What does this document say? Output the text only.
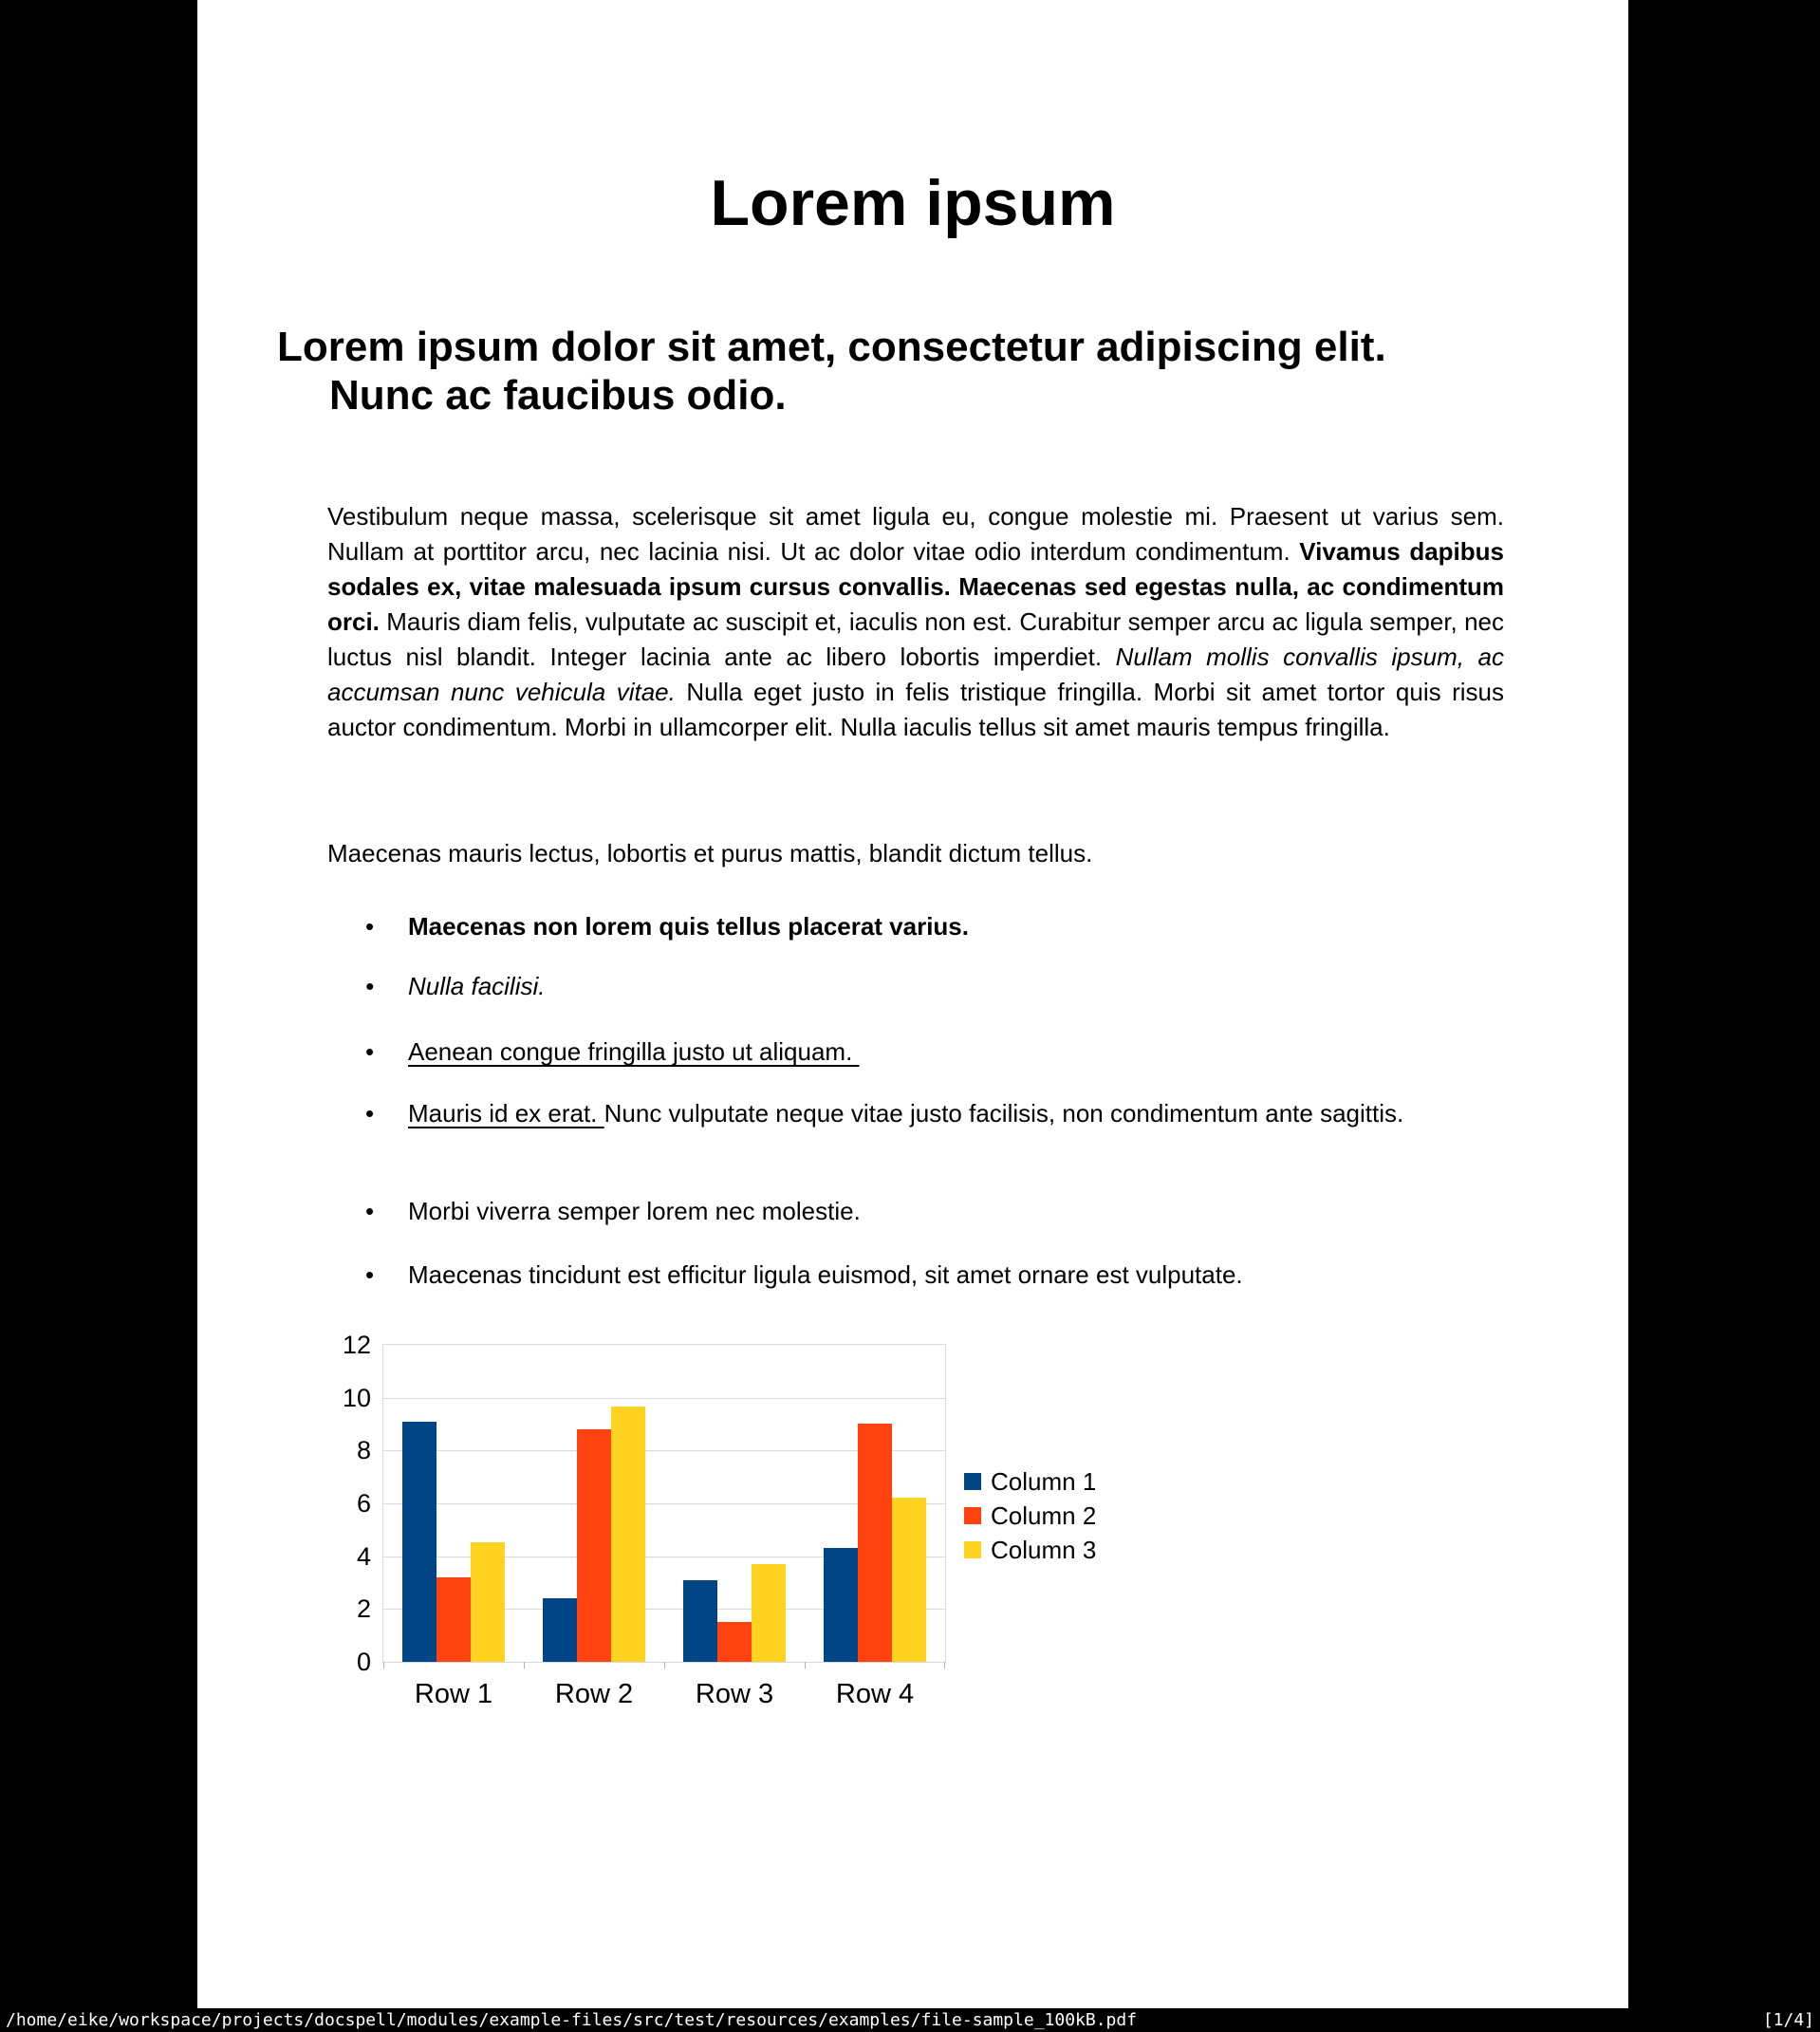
Lorem ipsum
Lorem ipsum dolor sit amet, consectetur adipiscing elit.
Nunc ac faucibus odio.

Vestibulum neque massa, scelerisque sit amet ligula eu, congue molestie mi. Praesent ut varius sem. Nullam at porttitor arcu, nec lacinia nisi. Ut ac dolor vitae odio interdum condimentum. Vivamus dapibus sodales ex, vitae malesuada ipsum cursus convallis. Maecenas sed egestas nulla, ac condimentum orci. Mauris diam felis, vulputate ac suscipit et, iaculis non est. Curabitur semper arcu ac ligula semper, nec luctus nisl blandit. Integer lacinia ante ac libero lobortis imperdiet. Nullam mollis convallis ipsum, ac accumsan nunc vehicula vitae. Nulla eget justo in felis tristique fringilla. Morbi sit amet tortor quis risus auctor condimentum. Morbi in ullamcorper elit. Nulla iaculis tellus sit amet mauris tempus fringilla.

Maecenas mauris lectus, lobortis et purus mattis, blandit dictum tellus.

•	Maecenas non lorem quis tellus placerat varius.
•	Nulla facilisi.
•	Aenean congue fringilla justo ut aliquam.
•	Mauris id ex erat. Nunc vulputate neque vitae justo facilisis, non condimentum ante sagittis.
•	Morbi viverra semper lorem nec molestie.
•	Maecenas tincidunt est efficitur ligula euismod, sit amet ornare est vulputate.
0
2
4
6
8
10
12
Row 1	Row 2	Row 3	Row 4
Column 1
Column 2
Column 3
/home/eike/workspace/projects/docspell/modules/example-files/src/test/resources/examples/file-sample_100kB.pdf	[1/4]
